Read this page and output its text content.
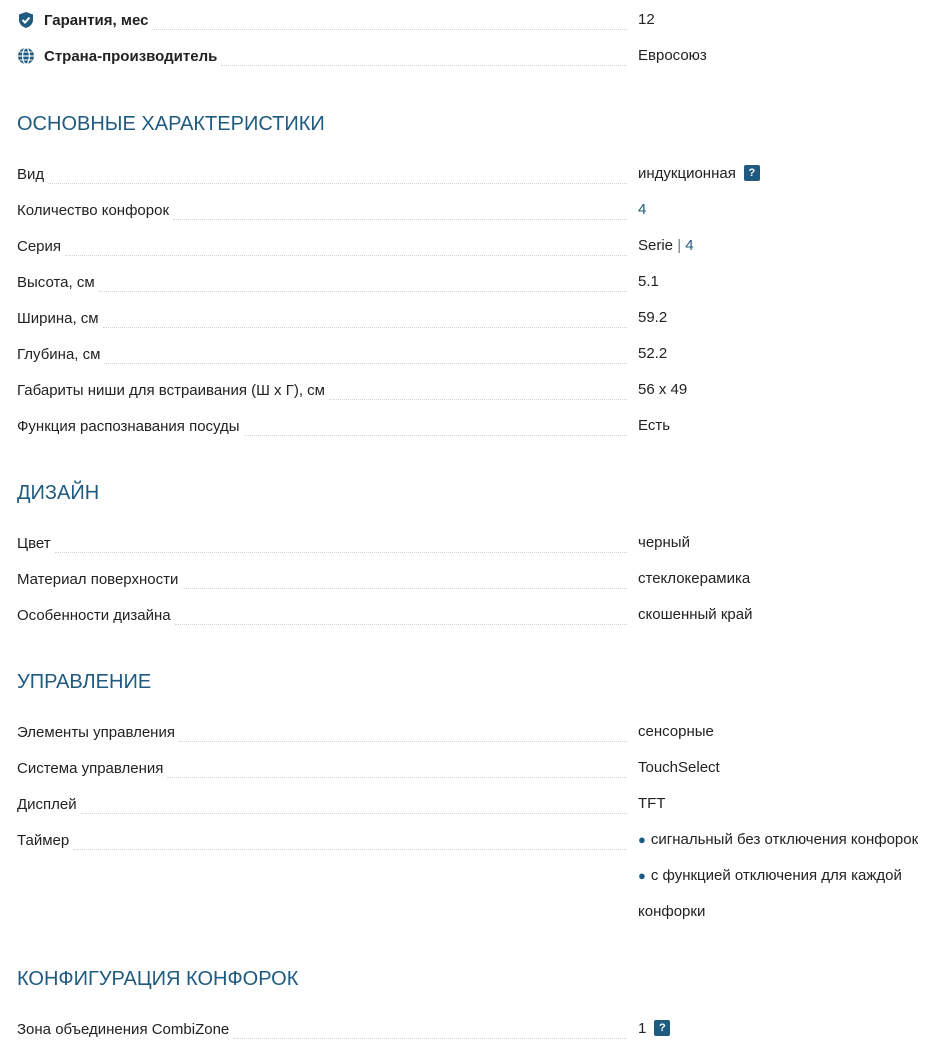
Гарантия, мес	12
Страна-производитель	Евросоюз
ОСНОВНЫЕ ХАРАКТЕРИСТИКИ
Вид	индукционная ?
Количество конфорок	4
Серия	Serie | 4
Высота, см	5.1
Ширина, см	59.2
Глубина, см	52.2
Габариты ниши для встраивания (Ш х Г), см	56 x 49
Функция распознавания посуды	Есть
ДИЗАЙН
Цвет	черный
Материал поверхности	стеклокерамика
Особенности дизайна	скошенный край
УПРАВЛЕНИЕ
Элементы управления	сенсорные
Система управления	TouchSelect
Дисплей	TFT
Таймер	● сигнальный без отключения конфорок
● с функцией отключения для каждой
конфорки
КОНФИГУРАЦИЯ КОНФОРОК
Зона объединения CombiZone	1 ?
